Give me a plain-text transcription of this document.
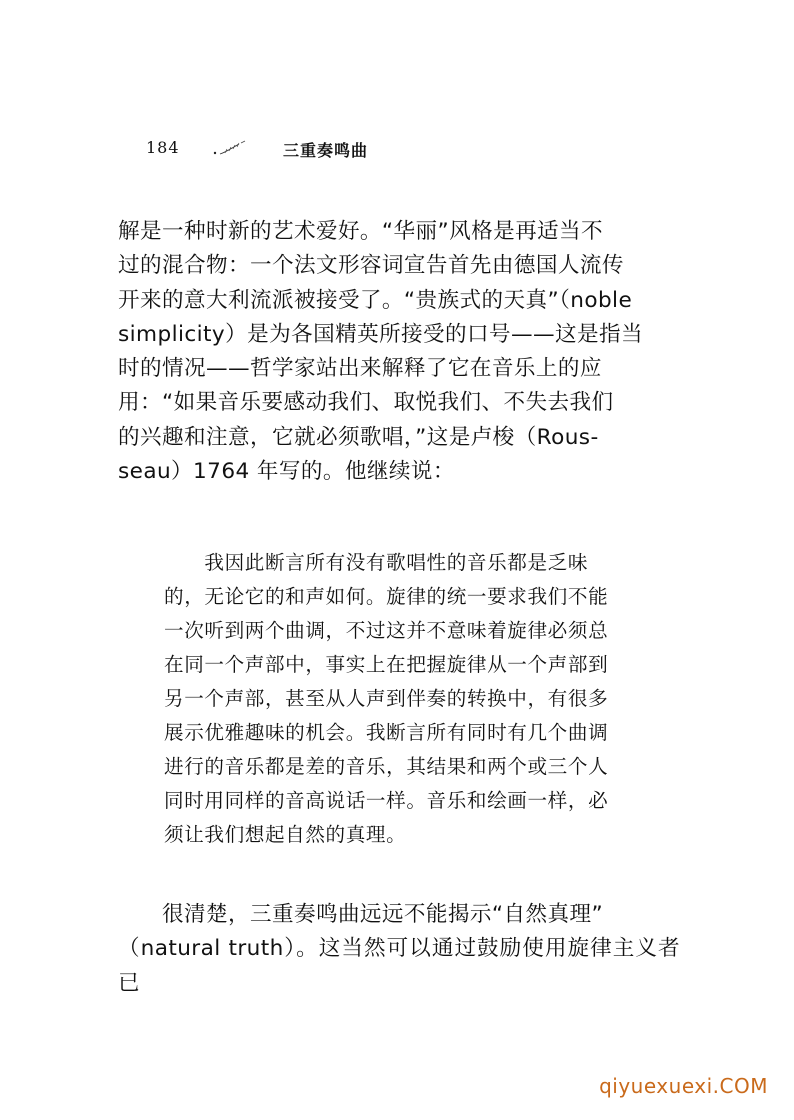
184	三重奏鸣曲

解是一种时新的艺术爱好。“华丽”风格是再适当不
过的混合物：一个法文形容词宣告首先由德国人流传
开来的意大利流派被接受了。“贵族式的天真”（noble
simplicity）是为各国精英所接受的口号——这是指当
时的情况——哲学家站出来解释了它在音乐上的应
用：“如果音乐要感动我们、取悦我们、不失去我们
的兴趣和注意，它就必须歌唱，”这是卢梭（Rous-
seau）1764 年写的。他继续说：

　　我因此断言所有没有歌唱性的音乐都是乏味
的，无论它的和声如何。旋律的统一要求我们不能
一次听到两个曲调，不过这并不意味着旋律必须总
在同一个声部中，事实上在把握旋律从一个声部到
另一个声部，甚至从人声到伴奏的转换中，有很多
展示优雅趣味的机会。我断言所有同时有几个曲调
进行的音乐都是差的音乐，其结果和两个或三个人
同时用同样的音高说话一样。音乐和绘画一样，必
须让我们想起自然的真理。

　　很清楚，三重奏鸣曲远远不能揭示“自然真理”
（natural truth）。这当然可以通过鼓励使用旋律主义者已

qiyuexuexi.COM
